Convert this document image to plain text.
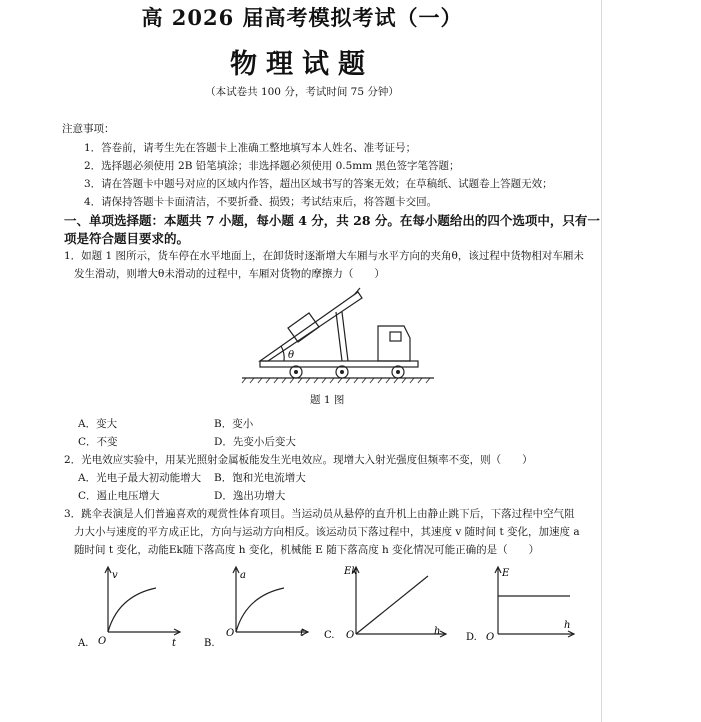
高 2026 届高考模拟考试（一）
物理试题
（本试卷共 100 分，考试时间 75 分钟）
注意事项：
1．答卷前，请考生先在答题卡上准确工整地填写本人姓名、准考证号；
2．选择题必须使用 2B 铅笔填涂；非选择题必须使用 0.5mm 黑色签字笔答题；
3．请在答题卡中题号对应的区域内作答，超出区域书写的答案无效；在草稿纸、试题卷上答题无效；
4．请保持答题卡卡面清洁，不要折叠、损毁；考试结束后，将答题卡交回。
一、单项选择题：本题共 7 小题，每小题 4 分，共 28 分。在每小题给出的四个选项中，只有一
项是符合题目要求的。
1．如题 1 图所示，货车停在水平地面上，在卸货时逐渐增大车厢与水平方向的夹角θ，该过程中货物相对车厢未
发生滑动，则增大θ未滑动的过程中，车厢对货物的摩擦力（　　）
θ
题 1 图
A．变大	B．变小
C．不变	D．先变小后变大
2．光电效应实验中，用某光照射金属板能发生光电效应。现增大入射光强度但频率不变，则（　　）
A．光电子最大初动能增大 B．饱和光电流增大
C．遏止电压增大	D．逸出功增大
3．跳伞表演是人们普遍喜欢的观赏性体育项目。当运动员从悬停的直升机上由静止跳下后，下落过程中空气阻
力大小与速度的平方成正比，方向与运动方向相反。该运动员下落过程中，其速度 v 随时间 t 变化，加速度 a
随时间 t 变化，动能Ek随下落高度 h 变化，机械能 E 随下落高度 h 变化情况可能正确的是（　　）
v
t
O
A.
a
t
O
B.
Ek
h
O
C.
E
h
O
D.
